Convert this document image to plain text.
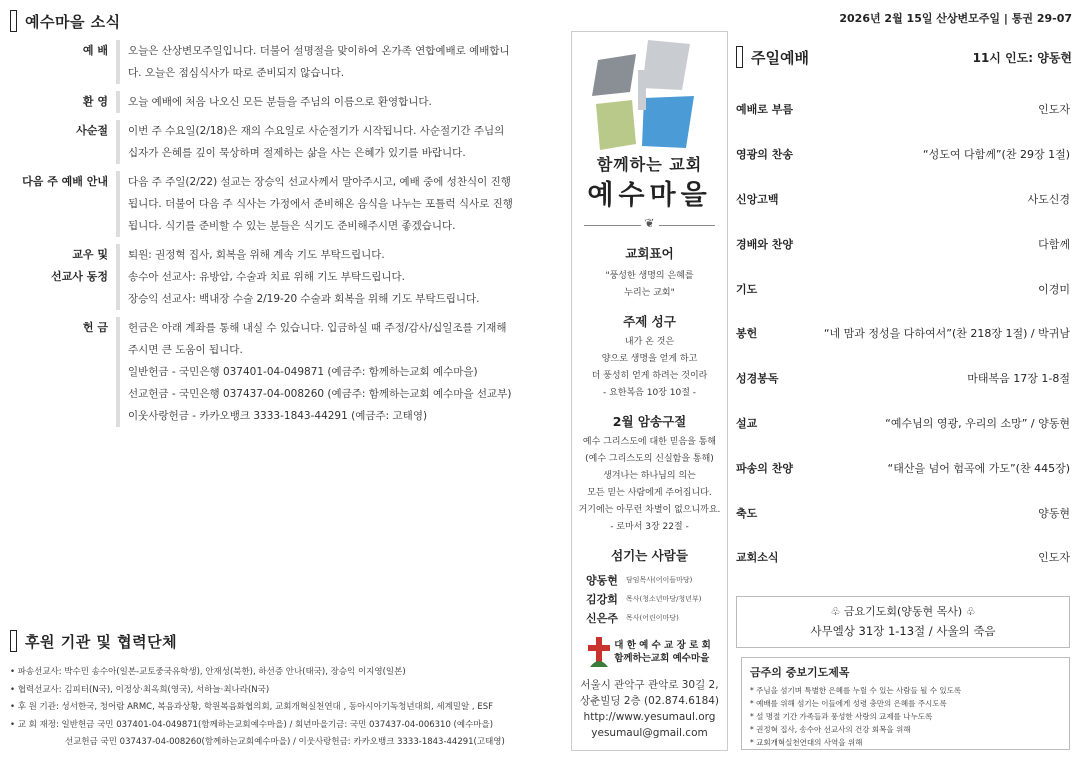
예수마을 소식
예 배 오늘은 산상변모주일입니다. 더불어 설명절을 맞이하여 온가족 연합예배로 예배합니
다. 오늘은 점심식사가 따로 준비되지 않습니다.
환 영 오늘 예배에 처음 나오신 모든 분들을 주님의 이름으로 환영합니다.
사순절 이번 주 수요일(2/18)은 재의 수요일로 사순절기가 시작됩니다. 사순절기간 주님의
십자가 은혜를 깊이 묵상하며 절제하는 삶을 사는 은혜가 있기를 바랍니다.
다음 주 예배 안내 다음 주 주일(2/22) 설교는 장승익 선교사께서 말아주시고, 예배 중에 성찬식이 진행
됩니다. 더불어 다음 주 식사는 가정에서 준비해온 음식을 나누는 포틀럭 식사로 진행
됩니다. 식기를 준비할 수 있는 분들은 식기도 준비해주시면 좋겠습니다.
교우 및
선교사 동정
퇴원: 권정혁 집사, 회복을 위해 계속 기도 부탁드립니다.
송수아 선교사: 유방암, 수술과 치료 위해 기도 부탁드립니다.
장승익 선교사: 백내장 수술 2/19-20 수술과 회복을 위해 기도 부탁드립니다.
헌 금 헌금은 아래 계좌를 통해 내실 수 있습니다. 입금하실 때 주정/감사/십일조를 기재해
주시면 큰 도움이 됩니다.
일반헌금 - 국민은행 037401-04-049871 (예금주: 함께하는교회 예수마을)
선교헌금 - 국민은행 037437-04-008260 (예금주: 함께하는교회 예수마을 선교부)
이웃사랑헌금 - 카카오뱅크 3333-1843-44291 (예금주: 고태영)
후원 기관 및 협력단체
• 파송선교사: 박수민 송수아(일본-교토중국유학생), 안재성(북한), 하선증 안나(태국), 장승익 이지영(일본)
• 협력선교사: 김피터(N국), 이정상·최옥희(영국), 서하늘·최나라(N국)
• 후 원 기관: 성서한국, 청어람 ARMC, 복음과상황, 학원복음화협의회, 교회개혁실천연대 , 동아시아기독청년대회, 세계밀알 , ESF
• 교 회 재정: 일반헌금 국민 037401-04-049871(함께하는교회예수마을) / 회년마을기금: 국민 037437-04-006310 (예수마을)
선교헌금 국민 037437-04-008260(함께하는교회예수마을) / 이웃사랑헌금: 카카오뱅크 3333-1843-44291(고태영)
함께하는 교회
예수마을
❦
교회표어
"풍성한 생명의 은혜를
누리는 교회"
주제 성구
내가 온 것은
양으로 생명을 얻게 하고
더 풍성히 얻게 하려는 것이라
- 요한복음 10장 10절 -
2월 암송구절
예수 그리스도에 대한 믿음을 통해
(예수 그리스도의 신실함을 통해)
생겨나는 하나님의 의는
모든 믿는 사람에게 주어집니다.
거기에는 아무런 차별이 없으니까요.
- 로마서 3장 22절 -
섬기는 사람들
양동현	담임목사(어이들마당)
김강희	목사(청소년마당/청년부)
신은주	목사(어린이마당)
대 한 예 수 교 장 로 회
함께하는교회 예수마을
서울시 관악구 관악로 30길 2,
상춘빌딩 2층 (02.874.6184)
http://www.yesumaul.org
yesumaul@gmail.com
2026년 2월 15일 산상변모주일 | 통권 29-07
주일예배	11시 인도: 양동현
예배로 부름	인도자
영광의 찬송	“성도여 다함께”(찬 29장 1절)
신앙고백	사도신경
경배와 찬양	다함께
기도	이경미
봉헌	“네 맘과 정성을 다하여서”(찬 218장 1절) / 박귀남
성경봉독	마태복음 17장 1-8절
설교	“예수님의 영광, 우리의 소망” / 양동현
파송의 찬양	“태산을 넘어 험곡에 가도”(찬 445장)
축도	양동현
교회소식	인도자
♧ 금요기도회(양동현 목사) ♧
사무엘상 31장 1-13절 / 사울의 죽음
금주의 중보기도제목
* 주님을 섬기며 특별한 은혜를 누릴 수 있는 사람들 될 수 있도록
* 예배를 위해 섬기는 이들에게 성령 충만의 은혜를 주시도록
* 설 명절 기간 가족들과 풍성한 사랑의 교제를 나누도록
* 권정혁 집사, 송수아 선교사의 건강 회복을 위해
* 교회개혁실천연대의 사역을 위해
